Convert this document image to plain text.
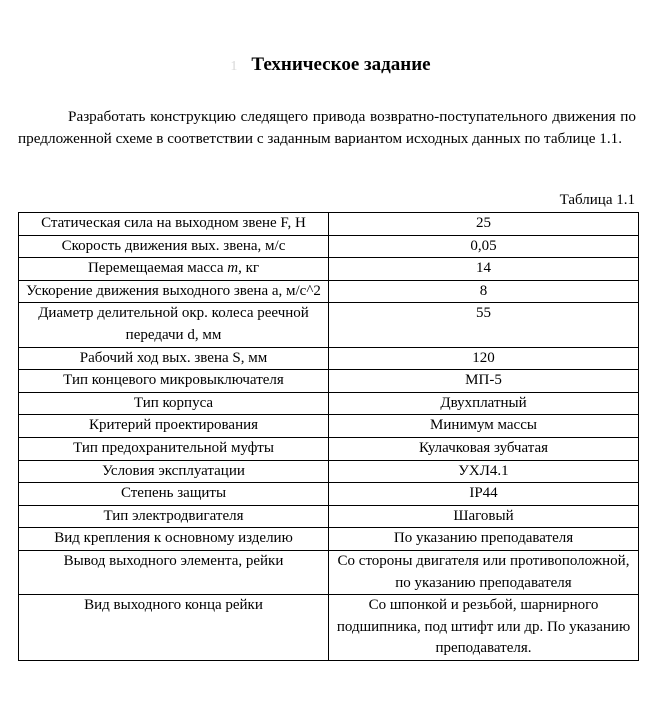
1 Техническое задание

Разработать конструкцию следящего привода возвратно-поступательного движения по предложенной схеме в соответствии с заданным вариантом исходных данных по таблице 1.1.

Таблица 1.1
Статическая сила на выходном звене F, Н	25
Скорость движения вых. звена, м/с	0,05
Перемещаемая масса m, кг	14
Ускорение движения выходного звена a, м/с^2	8
Диаметр делительной окр. колеса реечной передачи d, мм	55
Рабочий ход вых. звена S, мм	120
Тип концевого микровыключателя	МП-5
Тип корпуса	Двухплатный
Критерий проектирования	Минимум массы
Тип предохранительной муфты	Кулачковая зубчатая
Условия эксплуатации	УХЛ4.1
Степень защиты	IP44
Тип электродвигателя	Шаговый
Вид крепления к основному изделию	По указанию преподавателя
Вывод выходного элемента, рейки	Со стороны двигателя или противоположной, по указанию преподавателя
Вид выходного конца рейки	Со шпонкой и резьбой, шарнирного подшипника, под штифт или др. По указанию преподавателя.
